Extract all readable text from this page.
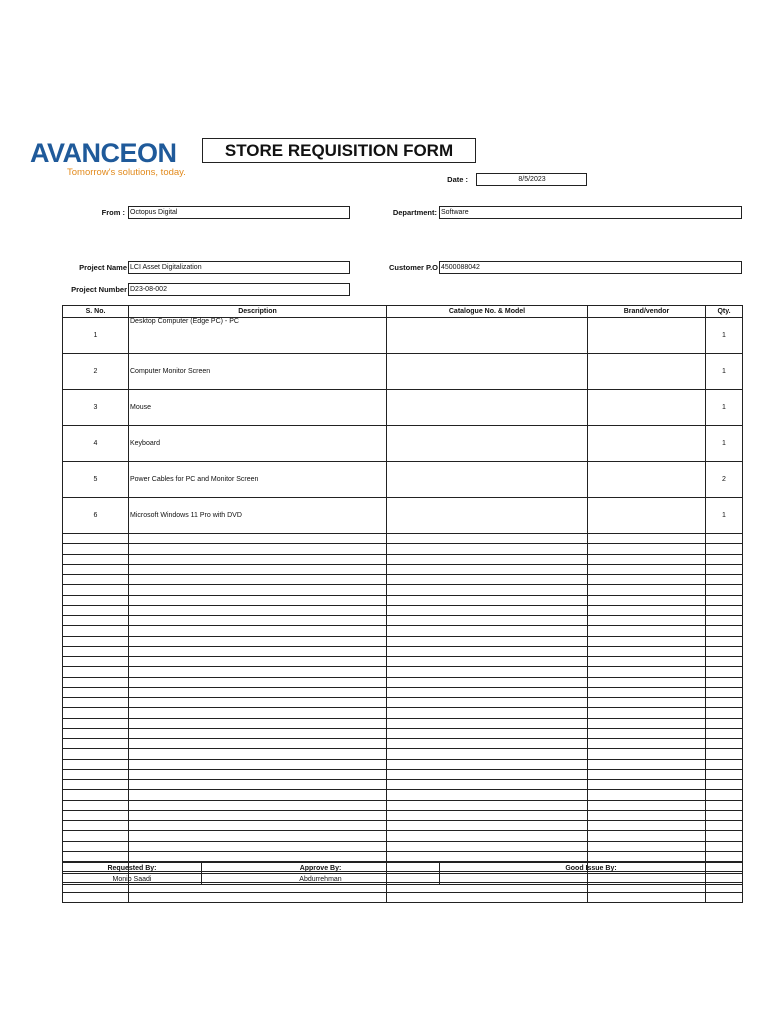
AVANCEON
Tomorrow's solutions, today.
STORE REQUISITION FORM
Date :	8/5/2023
From : Octopus Digital	Department: Software
Project Name LCI Asset Digitalization	Customer P.O 4500088042
Project Number D23-08-002
S. No.	Description	Catalogue No. & Model	Brand/vendor	Qty.
1	Desktop Computer (Edge PC) - PC			1
2	Computer Monitor Screen			1
3	Mouse			1
4	Keyboard			1
5	Power Cables for PC and Monitor Screen			2
6	Microsoft Windows 11 Pro with DVD			1

Requested By:	Approve By:	Good Issue By:
Monib Saadi	Abdurrehman	
